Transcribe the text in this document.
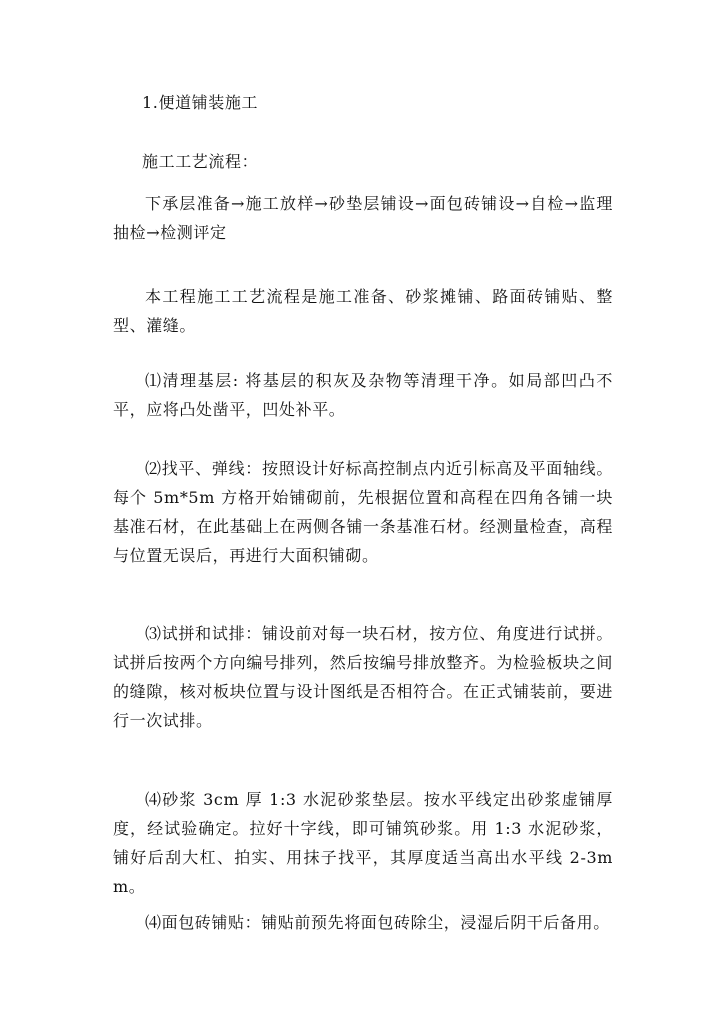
1.便道铺装施工

施工工艺流程：

下承层准备→施工放样→砂垫层铺设→面包砖铺设→自检→监理抽检→检测评定

本工程施工工艺流程是施工准备、砂浆摊铺、路面砖铺贴、整型、灌缝。

⑴清理基层: 将基层的积灰及杂物等清理干净。如局部凹凸不平，应将凸处凿平，凹处补平。

⑵找平、弹线：按照设计好标高控制点内近引标高及平面轴线。每个 5m*5m 方格开始铺砌前，先根据位置和高程在四角各铺一块基准石材，在此基础上在两侧各铺一条基准石材。经测量检查，高程与位置无误后，再进行大面积铺砌。

⑶试拼和试排：铺设前对每一块石材，按方位、角度进行试拼。试拼后按两个方向编号排列，然后按编号排放整齐。为检验板块之间的缝隙，核对板块位置与设计图纸是否相符合。在正式铺装前，要进行一次试排。

⑷砂浆 3cm 厚 1:3 水泥砂浆垫层。按水平线定出砂浆虚铺厚度，经试验确定。拉好十字线，即可铺筑砂浆。用 1:3 水泥砂浆，铺好后刮大杠、拍实、用抹子找平，其厚度适当高出水平线 2-3mm。

⑷面包砖铺贴：铺贴前预先将面包砖除尘，浸湿后阴干后备用。
